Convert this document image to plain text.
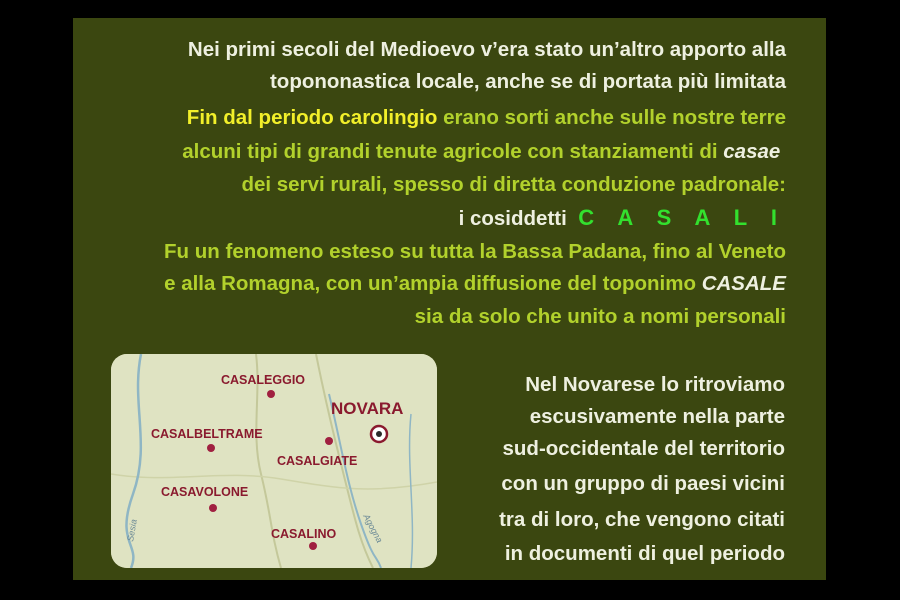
Nei primi secoli del Medioevo v’era stato un’altro apporto alla
topononastica locale, anche se di portata più limitata
Fin dal periodo carolingio erano sorti anche sulle nostre terre
alcuni tipi di grandi tenute agricole con stanziamenti di casae
dei servi rurali, spesso di diretta conduzione padronale:
i cosiddetti  C A S A L I
Fu un fenomeno esteso su tutta la Bassa Padana, fino al Veneto
e alla Romagna, con un’ampia diffusione del toponimo CASALE
sia da solo che unito a nomi personali
Sesia	Agogna
CASALEGGIO
NOVARA
CASALBELTRAME
CASALGIATE
CASAVOLONE
CASALINO
Nel Novarese lo ritroviamo
escusivamente nella parte
sud-occidentale del territorio
con un gruppo di paesi vicini
tra di loro, che vengono citati
in documenti di quel periodo
